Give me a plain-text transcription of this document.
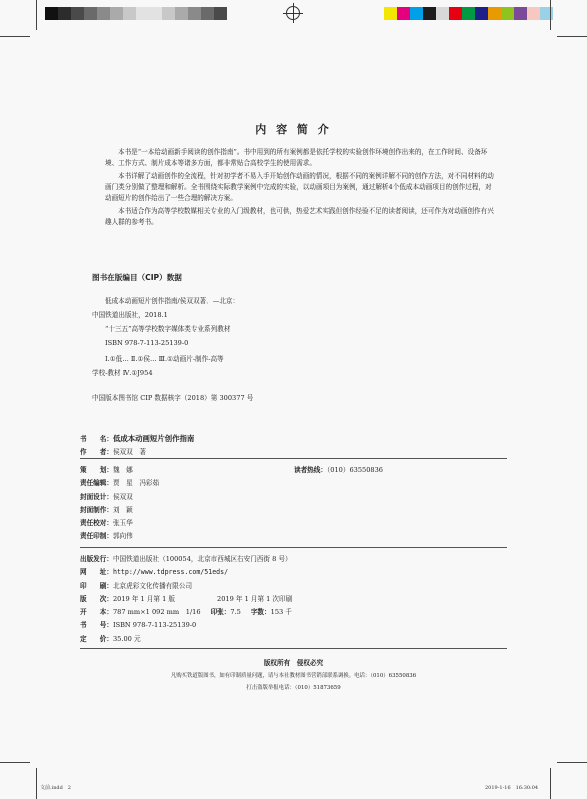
内 容 简 介

本书是“一本给动画新手阅读的创作指南”。书中用到的所有案例都是依托学校的实验创作环境创作出来的，在工作时间、设备环境、工作方式、制片成本等诸多方面，都非常贴合高校学生的使用需求。

本书详解了动画创作的全流程，针对初学者不易入手开始创作动画的情况，根据不同的案例详解不同的创作方法，对不同材料的动画门类分别做了整理和解析。全书围绕实际教学案例中完成的实验，以动画项目为案例，通过解析4个低成本动画项目的创作过程，对动画短片的创作给出了一些合理的解决方案。

本书适合作为高等学校数媒相关专业的入门级教材，也可供，热爱艺术实践但创作经验不足的读者阅读，还可作为对动画创作有兴趣人群的参考书。

图书在版编目（CIP）数据
低成本动画短片创作指南/侯双双著．—北京：
中国铁道出版社，2018.1
“十三五”高等学校数字媒体类专业系列教材
ISBN 978-7-113-25139-0
Ⅰ.①低… Ⅱ.①侯… Ⅲ.①动画片-制作-高等
学校-教材 Ⅳ.①J954
中国版本图书馆 CIP 数据核字（2018）第 300377 号
书　　名：低成本动画短片创作指南
作　　者：侯双双　著
策　　划：魏　娜
责任编辑：贾　星　冯彩茹
封面设计：侯双双
封面制作：刘　颖
责任校对：张玉华
责任印制：郭向伟
读者热线：（010）63550836
出版发行：中国铁道出版社（100054，北京市西城区右安门西街 8 号）
网　　址：http://www.tdpress.com/51eds/
印　　刷：北京虎彩文化传播有限公司
版　　次：2019 年 1 月第 1 版	2019 年 1 月第 1 次印刷
开　　本：787 mm×1 092 mm　1/16 印张：7.5 字数：153 千
书　　号：ISBN 978-7-113-25139-0
定　　价：35.00 元
版权所有　侵权必究
凡购买铁道版图书，如有印制质量问题，请与本社教材图书营销部联系调换。电话：（010）63550836
打击盗版举报电话：（010）51873659
文前.indd　2	2019-1-16　16:30:04
